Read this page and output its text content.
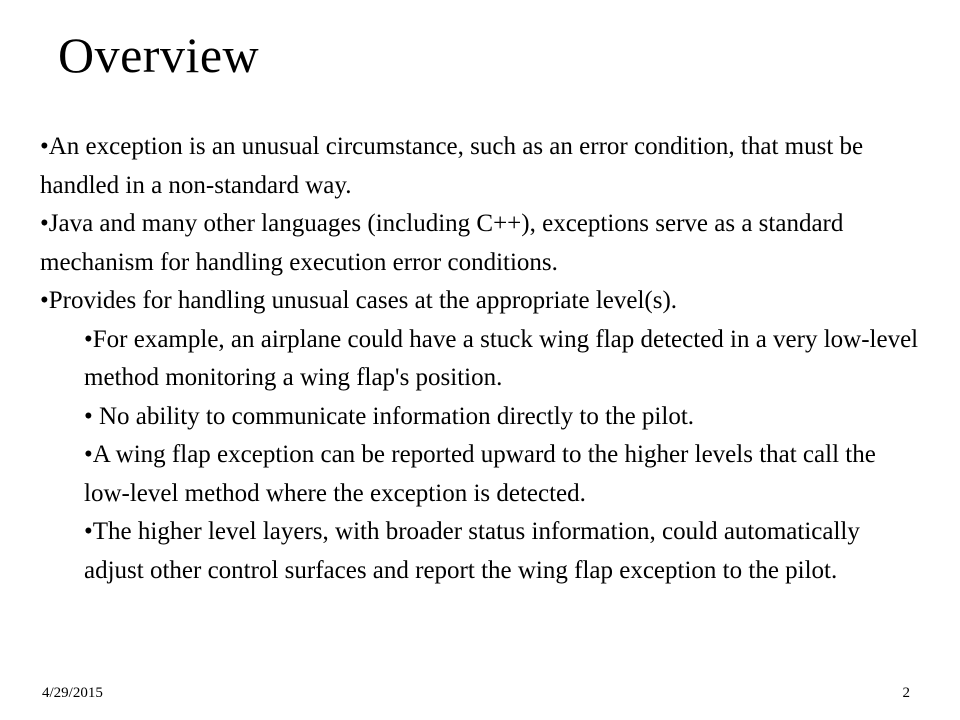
Overview
•An exception is an unusual circumstance, such as an error condition, that must be handled in a non-standard way.
•Java and many other languages (including C++), exceptions serve as a standard mechanism for handling execution error conditions.
•Provides for handling unusual cases at the appropriate level(s).
•For example, an airplane could have a stuck wing flap detected in a very low-level method monitoring a wing flap's position.
• No ability to communicate information directly to the pilot.
•A wing flap exception can be reported upward to the higher levels that call the low-level method where the exception is detected.
•The higher level layers, with broader status information, could automatically adjust other control surfaces and report the wing flap exception to the pilot.
4/29/2015	2
